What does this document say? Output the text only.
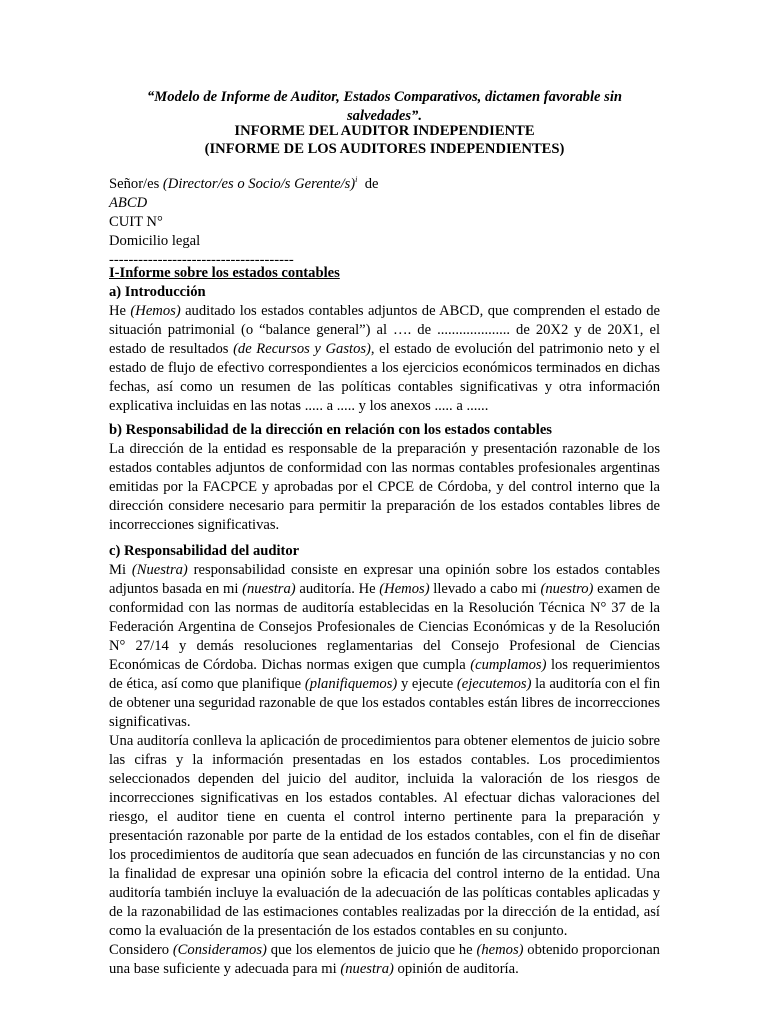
“Modelo de Informe de Auditor, Estados Comparativos, dictamen favorable sin salvedades”.
INFORME DEL AUDITOR INDEPENDIENTE
(INFORME DE LOS AUDITORES INDEPENDIENTES)
Señor/es (Director/es o Socio/s Gerente/s)$^i$ de
ABCD
CUIT N°
Domicilio legal
--------------------------------------
I-Informe sobre los estados contables
a) Introducción

He (Hemos) auditado los estados contables adjuntos de ABCD, que comprenden el estado de situación patrimonial (o “balance general”) al …. de .................... de 20X2 y de 20X1, el estado de resultados (de Recursos y Gastos), el estado de evolución del patrimonio neto y el estado de flujo de efectivo correspondientes a los ejercicios económicos terminados en dichas fechas, así como un resumen de las políticas contables significativas y otra información explicativa incluidas en las notas ..... a ..... y los anexos ..... a ......

b) Responsabilidad de la dirección en relación con los estados contables

La dirección de la entidad es responsable de la preparación y presentación razonable de los estados contables adjuntos de conformidad con las normas contables profesionales argentinas emitidas por la FACPCE y aprobadas por el CPCE de Córdoba, y del control interno que la dirección considere necesario para permitir la preparación de los estados contables libres de incorrecciones significativas.

c) Responsabilidad del auditor

Mi (Nuestra) responsabilidad consiste en expresar una opinión sobre los estados contables adjuntos basada en mi (nuestra) auditoría. He (Hemos) llevado a cabo mi (nuestro) examen de conformidad con las normas de auditoría establecidas en la Resolución Técnica N° 37 de la Federación Argentina de Consejos Profesionales de Ciencias Económicas y de la Resolución N° 27/14 y demás resoluciones reglamentarias del Consejo Profesional de Ciencias Económicas de Córdoba. Dichas normas exigen que cumpla (cumplamos) los requerimientos de ética, así como que planifique (planifiquemos) y ejecute (ejecutemos) la auditoría con el fin de obtener una seguridad razonable de que los estados contables están libres de incorrecciones significativas.

Una auditoría conlleva la aplicación de procedimientos para obtener elementos de juicio sobre las cifras y la información presentadas en los estados contables. Los procedimientos seleccionados dependen del juicio del auditor, incluida la valoración de los riesgos de incorrecciones significativas en los estados contables. Al efectuar dichas valoraciones del riesgo, el auditor tiene en cuenta el control interno pertinente para la preparación y presentación razonable por parte de la entidad de los estados contables, con el fin de diseñar los procedimientos de auditoría que sean adecuados en función de las circunstancias y no con la finalidad de expresar una opinión sobre la eficacia del control interno de la entidad. Una auditoría también incluye la evaluación de la adecuación de las políticas contables aplicadas y de la razonabilidad de las estimaciones contables realizadas por la dirección de la entidad, así como la evaluación de la presentación de los estados contables en su conjunto.

Considero (Consideramos) que los elementos de juicio que he (hemos) obtenido proporcionan una base suficiente y adecuada para mi (nuestra) opinión de auditoría.
